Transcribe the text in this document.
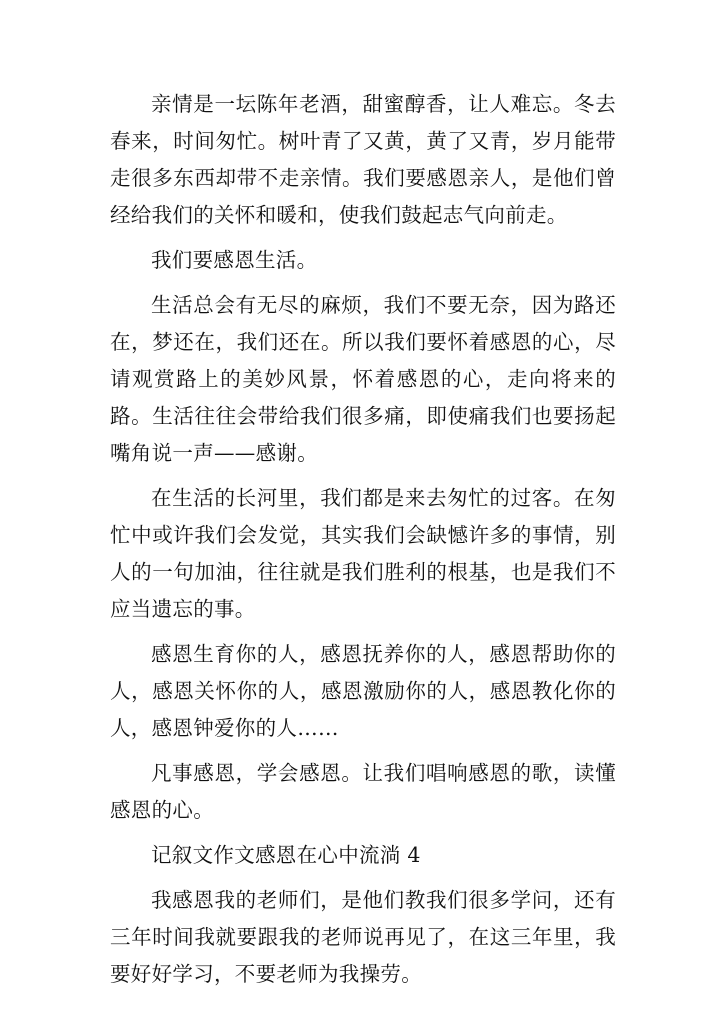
亲情是一坛陈年老酒，甜蜜醇香，让人难忘。冬去春来，时间匆忙。树叶青了又黄，黄了又青，岁月能带走很多东西却带不走亲情。我们要感恩亲人，是他们曾经给我们的关怀和暖和，使我们鼓起志气向前走。

我们要感恩生活。

生活总会有无尽的麻烦，我们不要无奈，因为路还在，梦还在，我们还在。所以我们要怀着感恩的心，尽请观赏路上的美妙风景，怀着感恩的心，走向将来的路。生活往往会带给我们很多痛，即使痛我们也要扬起嘴角说一声——感谢。

在生活的长河里，我们都是来去匆忙的过客。在匆忙中或许我们会发觉，其实我们会缺憾许多的事情，别人的一句加油，往往就是我们胜利的根基，也是我们不应当遗忘的事。

感恩生育你的人，感恩抚养你的人，感恩帮助你的人，感恩关怀你的人，感恩激励你的人，感恩教化你的人，感恩钟爱你的人……

凡事感恩，学会感恩。让我们唱响感恩的歌，读懂感恩的心。

记叙文作文感恩在心中流淌 4

我感恩我的老师们，是他们教我们很多学问，还有三年时间我就要跟我的老师说再见了，在这三年里，我要好好学习，不要老师为我操劳。
